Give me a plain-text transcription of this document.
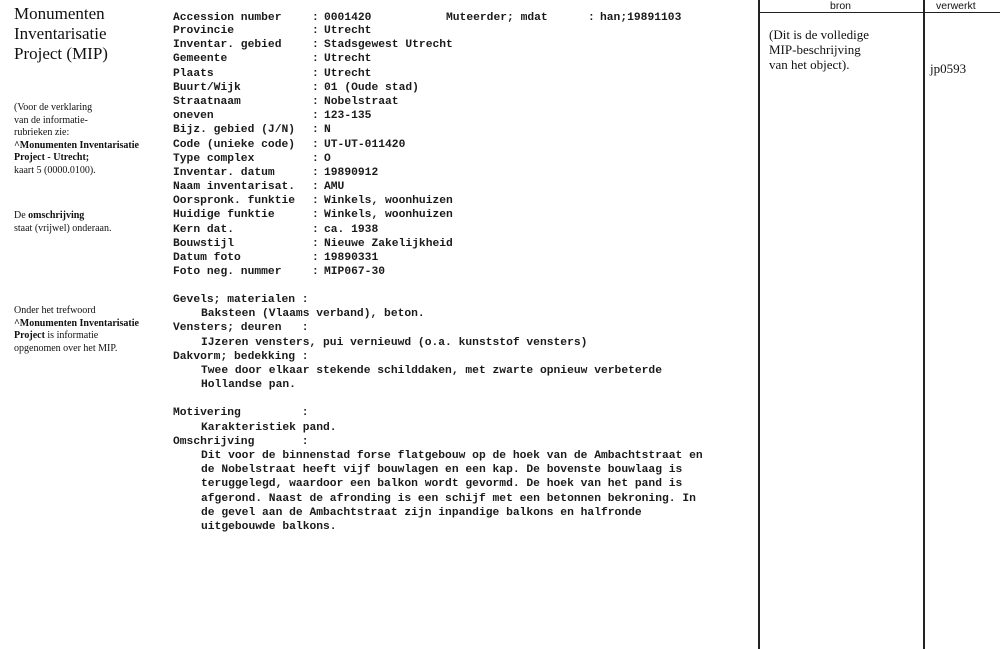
Monumenten
Inventarisatie
Project (MIP)
(Voor de verklaring
van de informatie-
rubrieken zie:
^Monumenten Inventarisatie
Project - Utrecht;
kaart 5 (0000.0100).
De omschrijving
staat (vrijwel) onderaan.
Onder het trefwoord
^Monumenten Inventarisatie
Project is informatie
opgenomen over het MIP.
Accession number	: 0001420	Muteerder; mdat	: han;19891103
Provincie	: Utrecht
Inventar. gebied	: Stadsgewest Utrecht
Gemeente	: Utrecht
Plaats	: Utrecht
Buurt/Wijk	: 01 (Oude stad)
Straatnaam	: Nobelstraat
oneven	: 123-135
Bijz. gebied (J/N)	: N
Code (unieke code)	: UT-UT-011420
Type complex	: O
Inventar. datum	: 19890912
Naam inventarisat.	: AMU
Oorspronk. funktie	: Winkels, woonhuizen
Huidige funktie	: Winkels, woonhuizen
Kern dat.	: ca. 1938
Bouwstijl	: Nieuwe Zakelijkheid
Datum foto	: 19890331
Foto neg. nummer	: MIP067-30
Gevels; materialen :
Baksteen (Vlaams verband), beton.
Vensters; deuren   :
IJzeren vensters, pui vernieuwd (o.a. kunststof vensters)
Dakvorm; bedekking :
Twee door elkaar stekende schilddaken, met zwarte opnieuw verbeterde
Hollandse pan.
Motivering         :
Karakteristiek pand.
Omschrijving       :
Dit voor de binnenstad forse flatgebouw op de hoek van de Ambachtstraat en
de Nobelstraat heeft vijf bouwlagen en een kap. De bovenste bouwlaag is
teruggelegd, waardoor een balkon wordt gevormd. De hoek van het pand is
afgerond. Naast de afronding is een schijf met een betonnen bekroning. In
de gevel aan de Ambachtstraat zijn inpandige balkons en halfronde
uitgebouwde balkons.
bron	verwerkt
(Dit is de volledige
MIP-beschrijving
van het object).	jp0593
